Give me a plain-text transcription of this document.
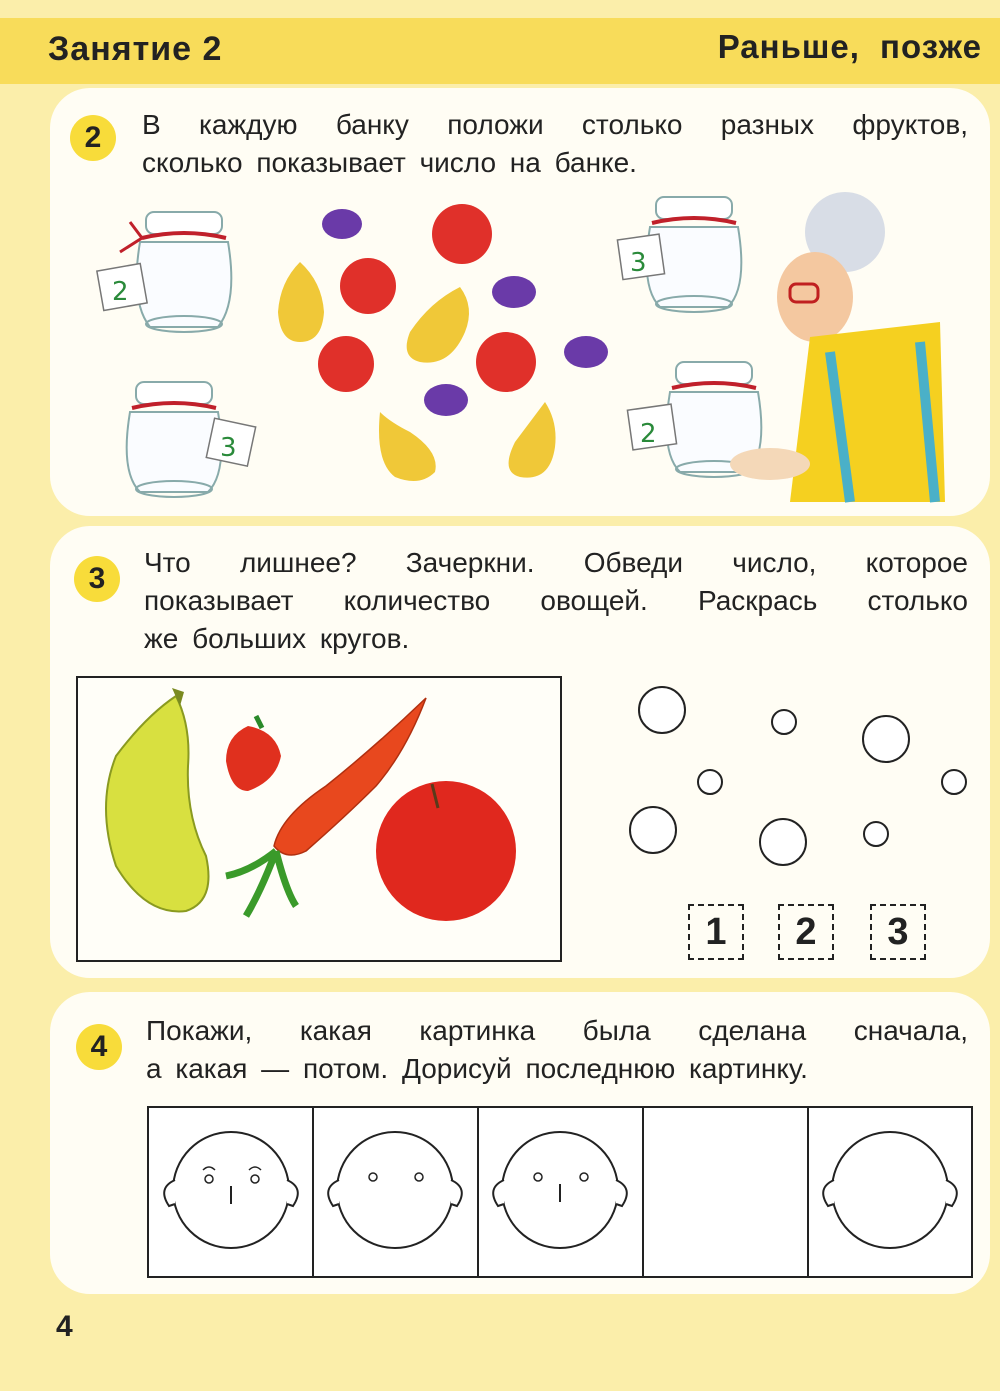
Занятие 2	Раньше, позже
2	В каждую банку положи столько разных фруктов,

сколько показывает число на банке.

2
3
3
2
3	Что лишнее? Зачеркни. Обведи число, которое

показывает количество овощей. Раскрась столько

же больших кругов.

1	2	3
4	Покажи, какая картинка была сделана сначала,

а какая — потом. Дорисуй последнюю картинку.

4
